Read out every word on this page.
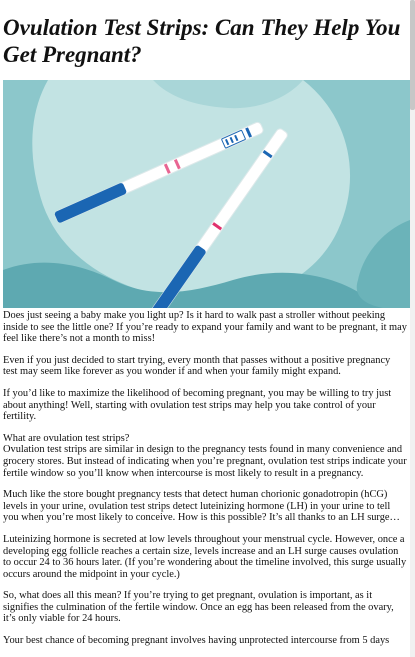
Ovulation Test Strips: Can They Help You Get Pregnant?

Does just seeing a baby make you light up? Is it hard to walk past a stroller without peeking inside to see the little one? If you’re ready to expand your family and want to be pregnant, it may feel like there’s not a month to miss!

Even if you just decided to start trying, every month that passes without a positive pregnancy test may seem like forever as you wonder if and when your family might expand.

If you’d like to maximize the likelihood of becoming pregnant, you may be willing to try just about anything! Well, starting with ovulation test strips may help you take control of your fertility.

What are ovulation test strips?
Ovulation test strips are similar in design to the pregnancy tests found in many convenience and grocery stores. But instead of indicating when you’re pregnant, ovulation test strips indicate your fertile window so you’ll know when intercourse is most likely to result in a pregnancy.

Much like the store bought pregnancy tests that detect human chorionic gonadotropin (hCG) levels in your urine, ovulation test strips detect luteinizing hormone (LH) in your urine to tell you when you’re most likely to conceive. How is this possible? It’s all thanks to an LH surge…

Luteinizing hormone is secreted at low levels throughout your menstrual cycle. However, once a developing egg follicle reaches a certain size, levels increase and an LH surge causes ovulation to occur 24 to 36 hours later. (If you’re wondering about the timeline involved, this surge usually occurs around the midpoint in your cycle.)

So, what does all this mean? If you’re trying to get pregnant, ovulation is important, as it signifies the culmination of the fertile window. Once an egg has been released from the ovary, it’s only viable for 24 hours.

Your best chance of becoming pregnant involves having unprotected intercourse from 5 days
